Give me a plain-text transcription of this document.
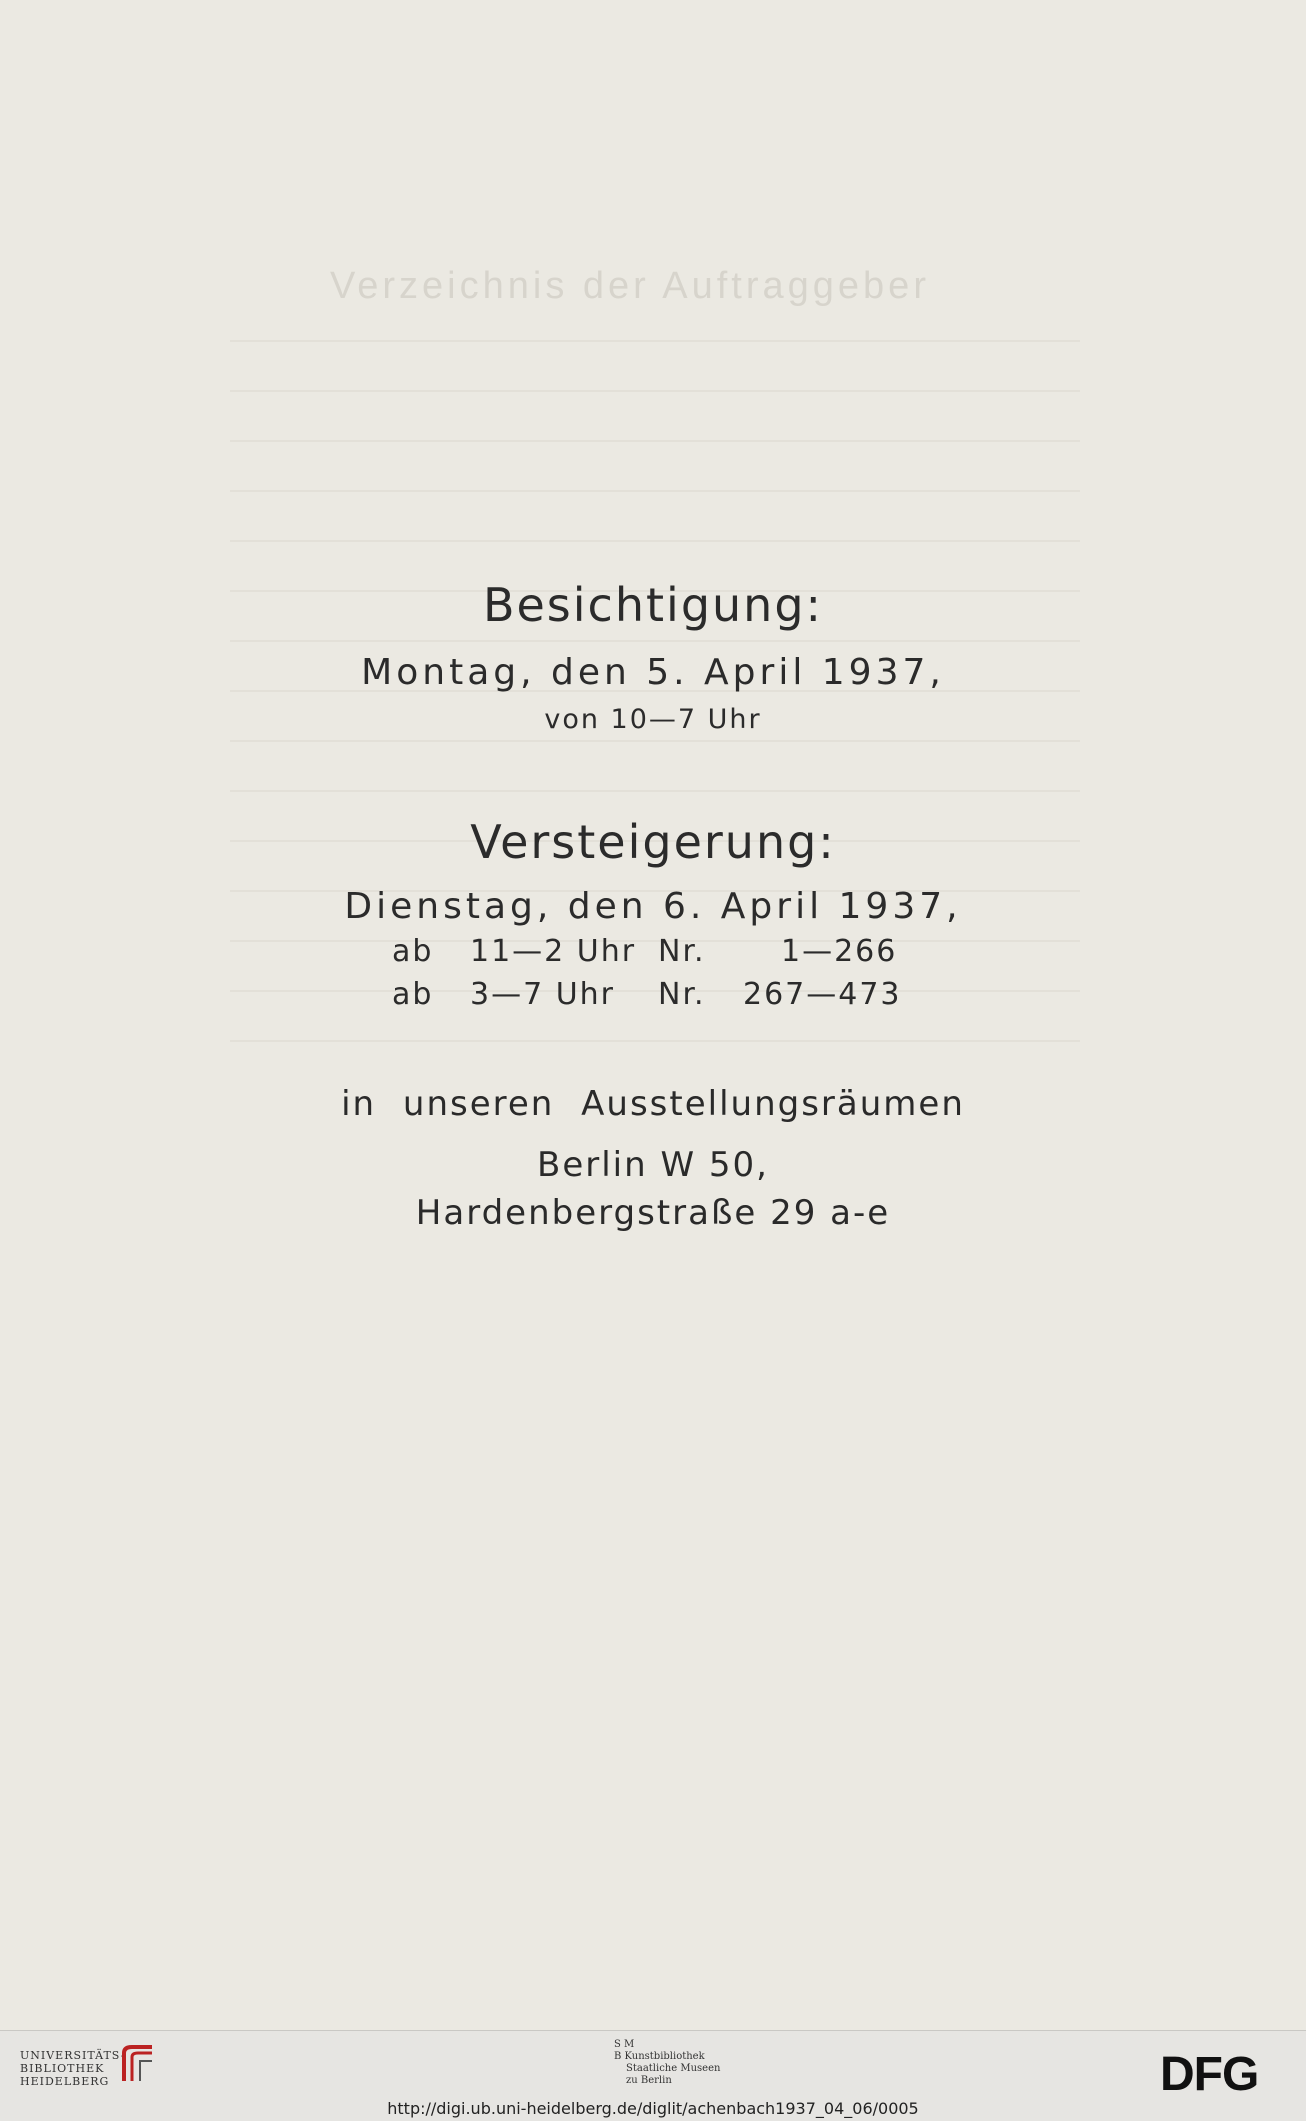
Verzeichnis der Auftraggeber
Besichtigung:
Montag, den 5. April 1937,
von 10—7 Uhr
Versteigerung:
Dienstag, den 6. April 1937,
ab 11—2 Uhr Nr.	1—266
ab 3—7 Uhr Nr. 267—473
in unseren Ausstellungsräumen
Berlin W 50,
Hardenbergstraße 29 a-e
UNIVERSITÄTS-
BIBLIOTHEK
HEIDELBERG
S M
B Kunstbibliothek
Staatliche Museen
zu Berlin	DFG
http://digi.ub.uni-heidelberg.de/diglit/achenbach1937_04_06/0005
